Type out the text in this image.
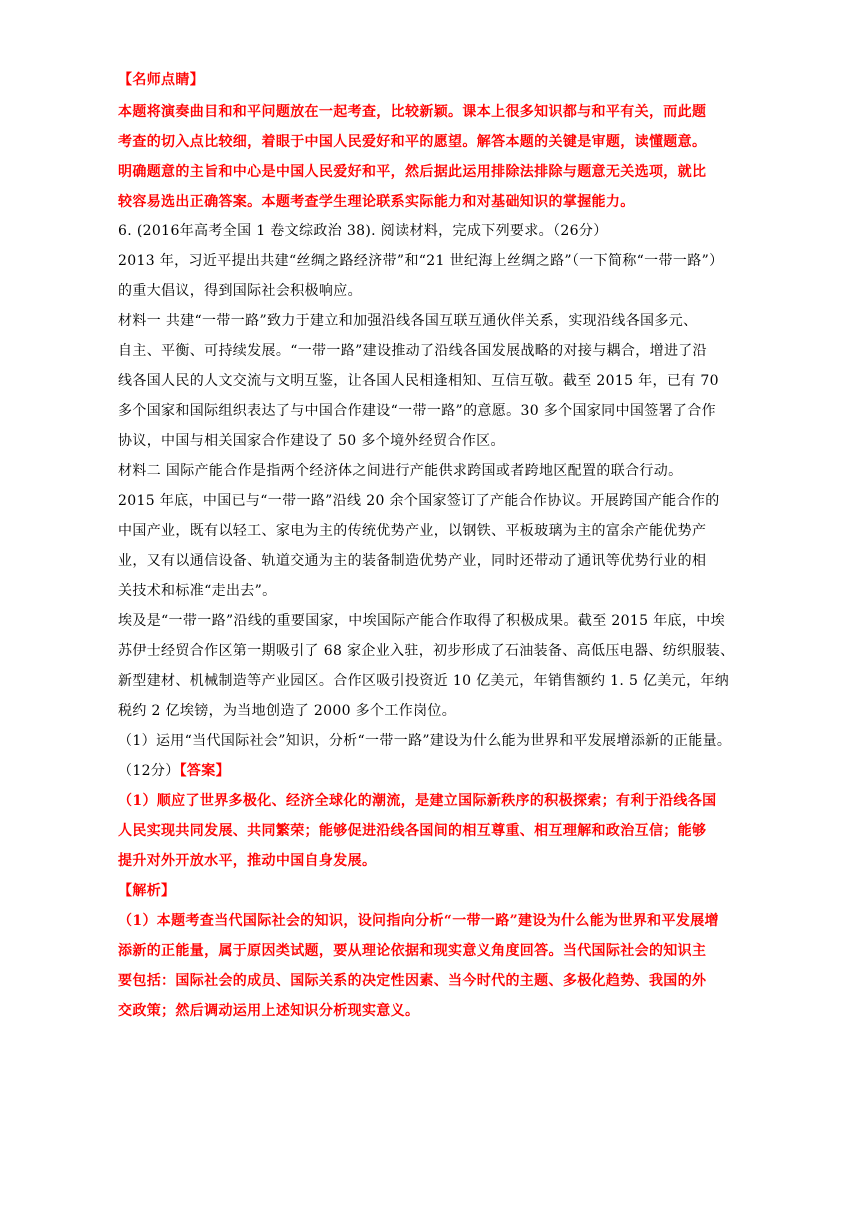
【名师点睛】
本题将演奏曲目和和平问题放在一起考查，比较新颖。课本上很多知识都与和平有关，而此题
考查的切入点比较细，着眼于中国人民爱好和平的愿望。解答本题的关键是审题，读懂题意。
明确题意的主旨和中心是中国人民爱好和平，然后据此运用排除法排除与题意无关选项，就比
较容易选出正确答案。本题考查学生理论联系实际能力和对基础知识的掌握能力。
6. (2016年高考全国 1 卷文综政治 38). 阅读材料，完成下列要求。（26分）
2013 年，习近平提出共建“丝绸之路经济带”和“21 世纪海上丝绸之路”（一下简称“一带一路”）
的重大倡议，得到国际社会积极响应。
材料一 共建“一带一路”致力于建立和加强沿线各国互联互通伙伴关系，实现沿线各国多元、
自主、平衡、可持续发展。“一带一路”建设推动了沿线各国发展战略的对接与耦合，增进了沿
线各国人民的人文交流与文明互鉴，让各国人民相逢相知、互信互敬。截至 2015 年，已有 70
多个国家和国际组织表达了与中国合作建设“一带一路”的意愿。30 多个国家同中国签署了合作
协议，中国与相关国家合作建设了 50 多个境外经贸合作区。
材料二 国际产能合作是指两个经济体之间进行产能供求跨国或者跨地区配置的联合行动。
2015 年底，中国已与“一带一路”沿线 20 余个国家签订了产能合作协议。开展跨国产能合作的
中国产业，既有以轻工、家电为主的传统优势产业，以钢铁、平板玻璃为主的富余产能优势产
业，又有以通信设备、轨道交通为主的装备制造优势产业，同时还带动了通讯等优势行业的相
关技术和标准“走出去”。
埃及是“一带一路”沿线的重要国家，中埃国际产能合作取得了积极成果。截至 2015 年底，中埃
苏伊士经贸合作区第一期吸引了 68 家企业入驻，初步形成了石油装备、高低压电器、纺织服装、
新型建材、机械制造等产业园区。合作区吸引投资近 10 亿美元，年销售额约 1. 5 亿美元，年纳
税约 2 亿埃镑，为当地创造了 2000 多个工作岗位。
（1）运用“当代国际社会”知识，分析“一带一路”建设为什么能为世界和平发展增添新的正能量。
（12分）【答案】
（1）顺应了世界多极化、经济全球化的潮流，是建立国际新秩序的积极探索；有利于沿线各国
人民实现共同发展、共同繁荣；能够促进沿线各国间的相互尊重、相互理解和政治互信；能够
提升对外开放水平，推动中国自身发展。
【解析】
（1）本题考查当代国际社会的知识，设问指向分析“一带一路”建设为什么能为世界和平发展增
添新的正能量，属于原因类试题，要从理论依据和现实意义角度回答。当代国际社会的知识主
要包括：国际社会的成员、国际关系的决定性因素、当今时代的主题、多极化趋势、我国的外
交政策；然后调动运用上述知识分析现实意义。
